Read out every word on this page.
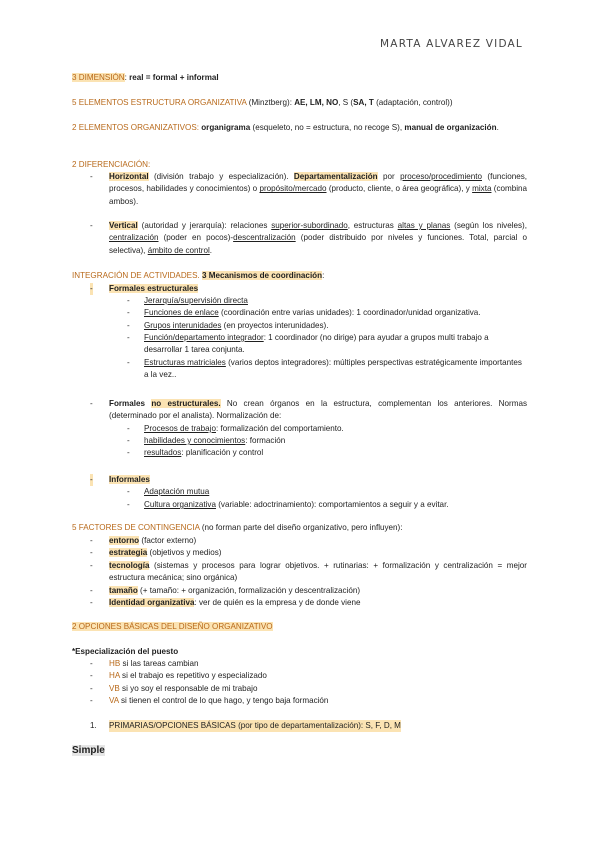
MARTA ALVAREZ VIDAL
3 DIMENSIÓN: real = formal + informal
5 ELEMENTOS ESTRUCTURA ORGANIZATIVA (Minztberg): AE, LM, NO, S (SA, T (adaptación, control))
2 ELEMENTOS ORGANIZATIVOS: organigrama (esqueleto, no = estructura, no recoge S), manual de organización.
2 DIFERENCIACIÓN:
- Horizontal (división trabajo y especialización). Departamentalización por proceso/procedimiento (funciones, procesos, habilidades y conocimientos) o propósito/mercado (producto, cliente, o área geográfica), y mixta (combina ambos).
- Vertical (autoridad y jerarquía): relaciones superior-subordinado, estructuras altas y planas (según los niveles), centralización (poder en pocos)-descentralización (poder distribuido por niveles y funciones. Total, parcial o selectiva), ámbito de control.
INTEGRACIÓN DE ACTIVIDADES. 3 Mecanismos de coordinación:
- Formales estructurales
- Jerarquía/supervisión directa
- Funciones de enlace (coordinación entre varias unidades): 1 coordinador/unidad organizativa.
- Grupos interunidades (en proyectos interunidades).
- Función/departamento integrador: 1 coordinador (no dirige) para ayudar a grupos multi trabajo a desarrollar 1 tarea conjunta.
- Estructuras matriciales (varios deptos integradores): múltiples perspectivas estratégicamente importantes a la vez..
- Formales no estructurales. No crean órganos en la estructura, complementan los anteriores. Normas (determinado por el analista). Normalización de:
- Procesos de trabajo: formalización del comportamiento.
- habilidades y conocimientos: formación
- resultados: planificación y control
- Informales
- Adaptación mutua
- Cultura organizativa (variable: adoctrinamiento): comportamientos a seguir y a evitar.
5 FACTORES DE CONTINGENCIA (no forman parte del diseño organizativo, pero influyen):
- entorno (factor externo)
- estrategia (objetivos y medios)
- tecnología (sistemas y procesos para lograr objetivos. + rutinarias: + formalización y centralización = mejor estructura mecánica; sino orgánica)
- tamaño (+ tamaño: + organización, formalización y descentralización)
- Identidad organizativa: ver de quién es la empresa y de donde viene
2 OPCIONES BÁSICAS DEL DISEÑO ORGANIZATIVO
*Especialización del puesto
- HB si las tareas cambian
- HA si el trabajo es repetitivo y especializado
- VB si yo soy el responsable de mi trabajo
- VA si tienen el control de lo que hago, y tengo baja formación
1. PRIMARIAS/OPCIONES BÁSICAS (por tipo de departamentalización): S, F, D, M
Simple
